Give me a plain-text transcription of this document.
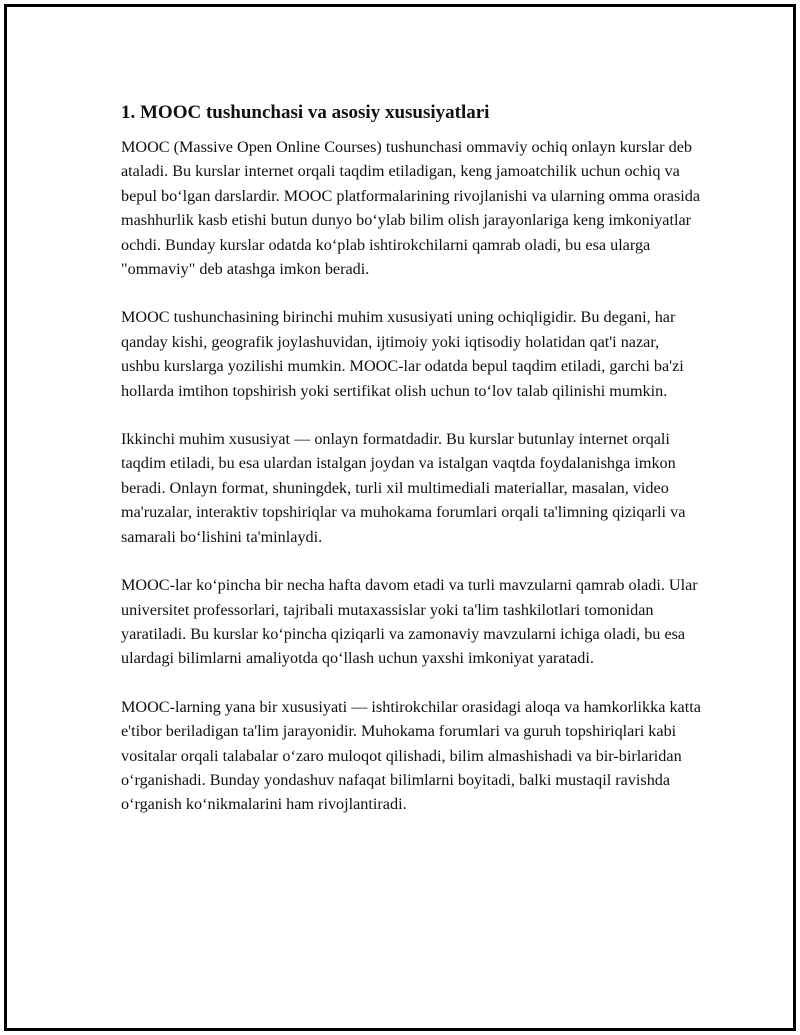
1. MOOC tushunchasi va asosiy xususiyatlari

MOOC (Massive Open Online Courses) tushunchasi ommaviy ochiq onlayn kurslar deb ataladi. Bu kurslar internet orqali taqdim etiladigan, keng jamoatchilik uchun ochiq va bepul bo‘lgan darslardir. MOOC platformalarining rivojlanishi va ularning omma orasida mashhurlik kasb etishi butun dunyo bo‘ylab bilim olish jarayonlariga keng imkoniyatlar ochdi. Bunday kurslar odatda ko‘plab ishtirokchilarni qamrab oladi, bu esa ularga "ommaviy" deb atashga imkon beradi.

MOOC tushunchasining birinchi muhim xususiyati uning ochiqligidir. Bu degani, har qanday kishi, geografik joylashuvidan, ijtimoiy yoki iqtisodiy holatidan qat'i nazar, ushbu kurslarga yozilishi mumkin. MOOC-lar odatda bepul taqdim etiladi, garchi ba'zi hollarda imtihon topshirish yoki sertifikat olish uchun to‘lov talab qilinishi mumkin.

Ikkinchi muhim xususiyat — onlayn formatdadir. Bu kurslar butunlay internet orqali taqdim etiladi, bu esa ulardan istalgan joydan va istalgan vaqtda foydalanishga imkon beradi. Onlayn format, shuningdek, turli xil multimediali materiallar, masalan, video ma'ruzalar, interaktiv topshiriqlar va muhokama forumlari orqali ta'limning qiziqarli va samarali bo‘lishini ta'minlaydi.

MOOC-lar ko‘pincha bir necha hafta davom etadi va turli mavzularni qamrab oladi. Ular universitet professorlari, tajribali mutaxassislar yoki ta'lim tashkilotlari tomonidan yaratiladi. Bu kurslar ko‘pincha qiziqarli va zamonaviy mavzularni ichiga oladi, bu esa ulardagi bilimlarni amaliyotda qo‘llash uchun yaxshi imkoniyat yaratadi.

MOOC-larning yana bir xususiyati — ishtirokchilar orasidagi aloqa va hamkorlikka katta e'tibor beriladigan ta'lim jarayonidir. Muhokama forumlari va guruh topshiriqlari kabi vositalar orqali talabalar o‘zaro muloqot qilishadi, bilim almashishadi va bir-birlaridan o‘rganishadi. Bunday yondashuv nafaqat bilimlarni boyitadi, balki mustaqil ravishda o‘rganish ko‘nikmalarini ham rivojlantiradi.
